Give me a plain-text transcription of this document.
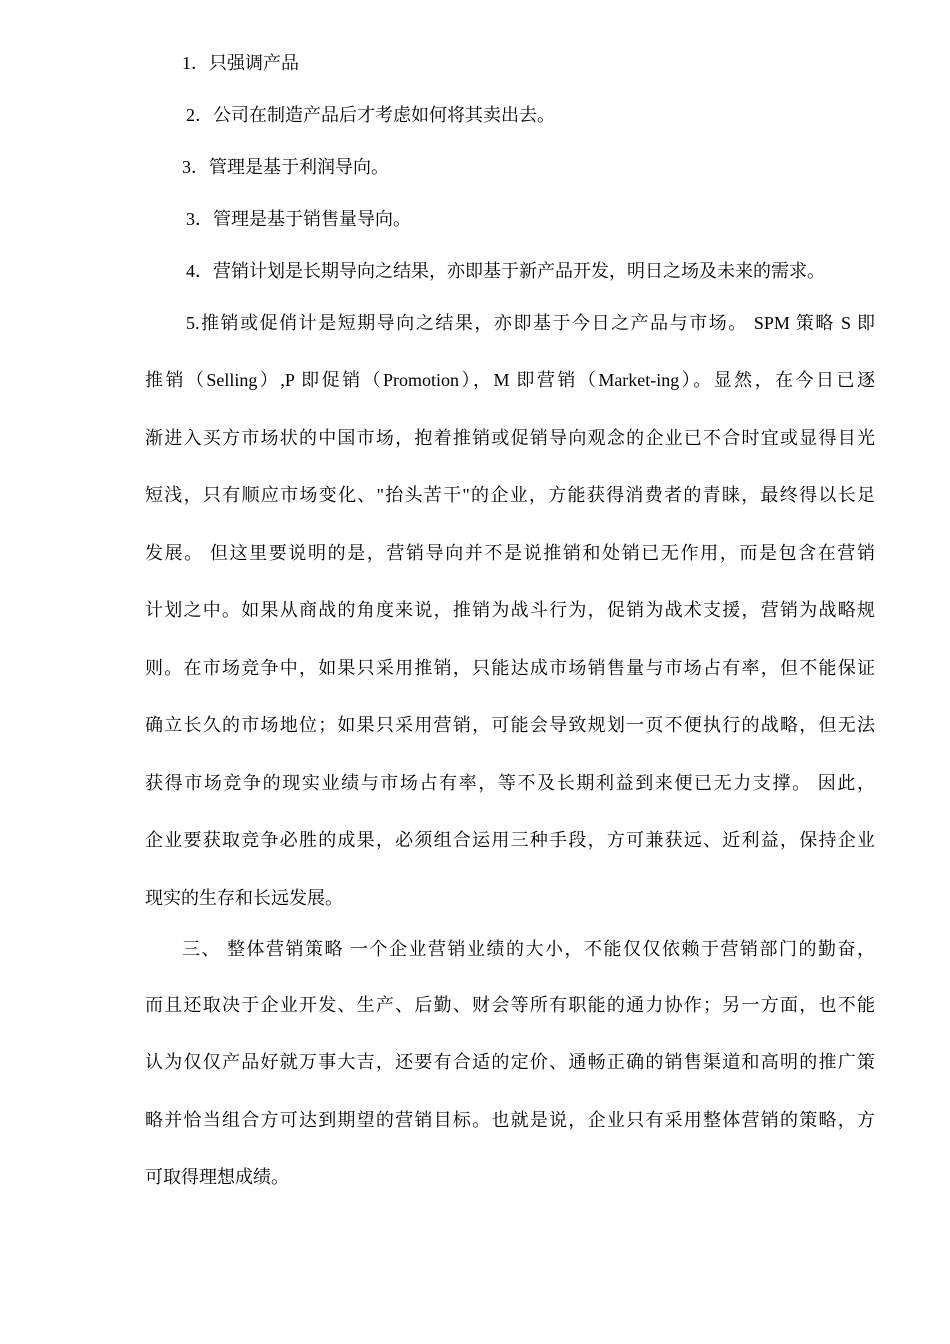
1．只强调产品
2．公司在制造产品后才考虑如何将其卖出去。
3．管理是基于利润导向。
3．管理是基于销售量导向。
4．营销计划是长期导向之结果，亦即基于新产品开发，明日之场及未来的需求。
5.推销或促俏计是短期导向之结果，亦即基于今日之产品与市场。 SPM 策略 S 即
推销（Selling）,P 即促销（Promotion），M 即营销（Market-ing）。显然，在今日已逐
渐进入买方市场状的中国市场，抱着推销或促销导向观念的企业已不合时宜或显得目光
短浅，只有顺应市场变化、"抬头苦干"的企业，方能获得消费者的青睐，最终得以长足
发展。 但这里要说明的是，营销导向并不是说推销和处销已无作用，而是包含在营销
计划之中。如果从商战的角度来说，推销为战斗行为，促销为战术支援，营销为战略规
则。在市场竞争中，如果只采用推销，只能达成市场销售量与市场占有率，但不能保证
确立长久的市场地位；如果只采用营销，可能会导致规划一页不便执行的战略，但无法
获得市场竞争的现实业绩与市场占有率，等不及长期利益到来便已无力支撑。 因此，
企业要获取竞争必胜的成果，必须组合运用三种手段，方可兼获远、近利益，保持企业
现实的生存和长远发展。
三、 整体营销策略 一个企业营销业绩的大小，不能仅仅依赖于营销部门的勤奋，
而且还取决于企业开发、生产、后勤、财会等所有职能的通力协作；另一方面，也不能
认为仅仅产品好就万事大吉，还要有合适的定价、通畅正确的销售渠道和高明的推广策
略并恰当组合方可达到期望的营销目标。也就是说，企业只有采用整体营销的策略，方
可取得理想成绩。
